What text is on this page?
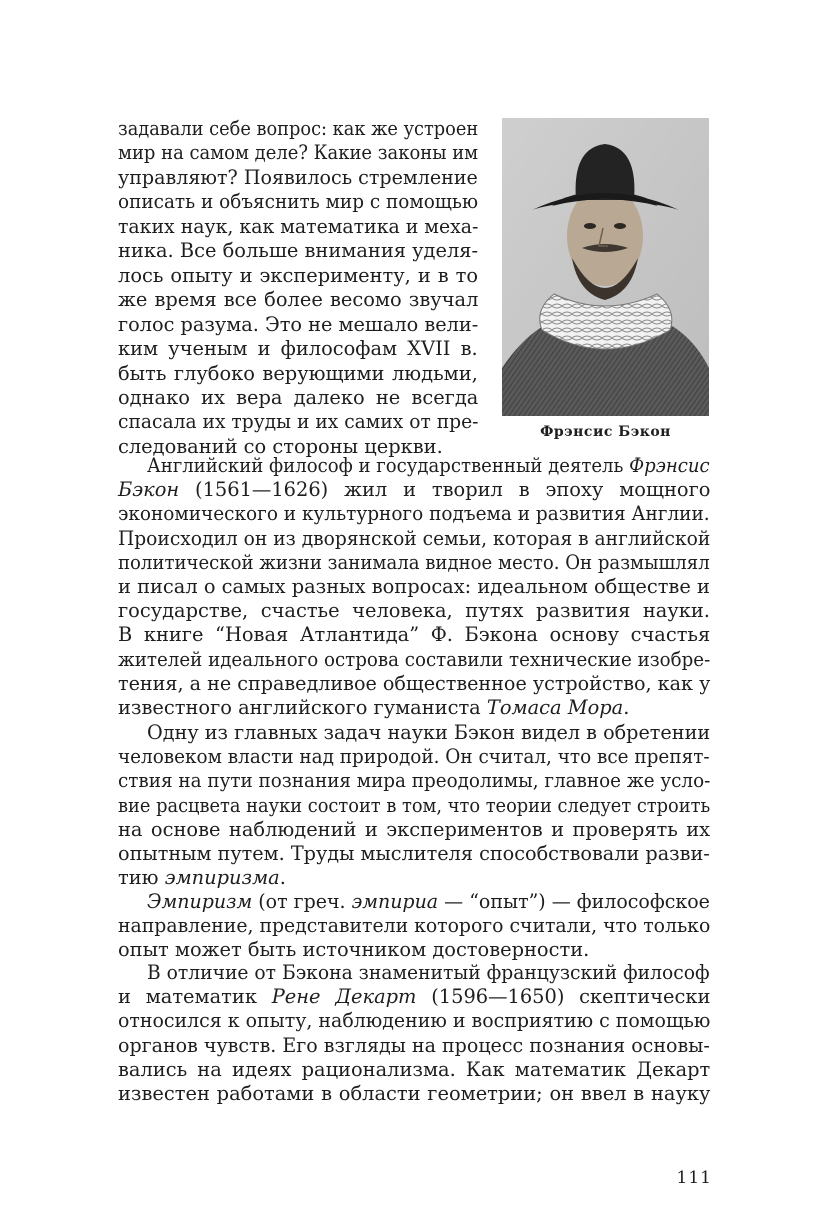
Фрэнсис Бэкон
задавали себе вопрос: как же устроен
мир на самом деле? Какие законы им
управляют? Появилось стремление
описать и объяснить мир с помощью
таких наук, как математика и меха-
ника. Все больше внимания уделя-
лось опыту и эксперименту, и в то
же время все более весомо звучал
голос разума. Это не мешало вели-
ким ученым и философам XVII в.
быть глубоко верующими людьми,
однако их вера далеко не всегда
спасала их труды и их самих от пре-
следований со стороны церкви.
Английский философ и государственный деятель Фрэнсис
Бэкон (1561—1626) жил и творил в эпоху мощного
экономического и культурного подъема и развития Англии.
Происходил он из дворянской семьи, которая в английской
политической жизни занимала видное место. Он размышлял
и писал о самых разных вопросах: идеальном обществе и
государстве, счастье человека, путях развития науки.
В книге “Новая Атлантида” Ф. Бэкона основу счастья
жителей идеального острова составили технические изобре-
тения, а не справедливое общественное устройство, как у
известного английского гуманиста Томаса Мора.
Одну из главных задач науки Бэкон видел в обретении
человеком власти над природой. Он считал, что все препят-
ствия на пути познания мира преодолимы, главное же усло-
вие расцвета науки состоит в том, что теории следует строить
на основе наблюдений и экспериментов и проверять их
опытным путем. Труды мыслителя способствовали разви-
тию эмпиризма.
Эмпиризм (от греч. эмпириа — “опыт”) — философское
направление, представители которого считали, что только
опыт может быть источником достоверности.
В отличие от Бэкона знаменитый французский философ
и математик Рене Декарт (1596—1650) скептически
относился к опыту, наблюдению и восприятию с помощью
органов чувств. Его взгляды на процесс познания основы-
вались на идеях рационализма. Как математик Декарт
известен работами в области геометрии; он ввел в науку
111
